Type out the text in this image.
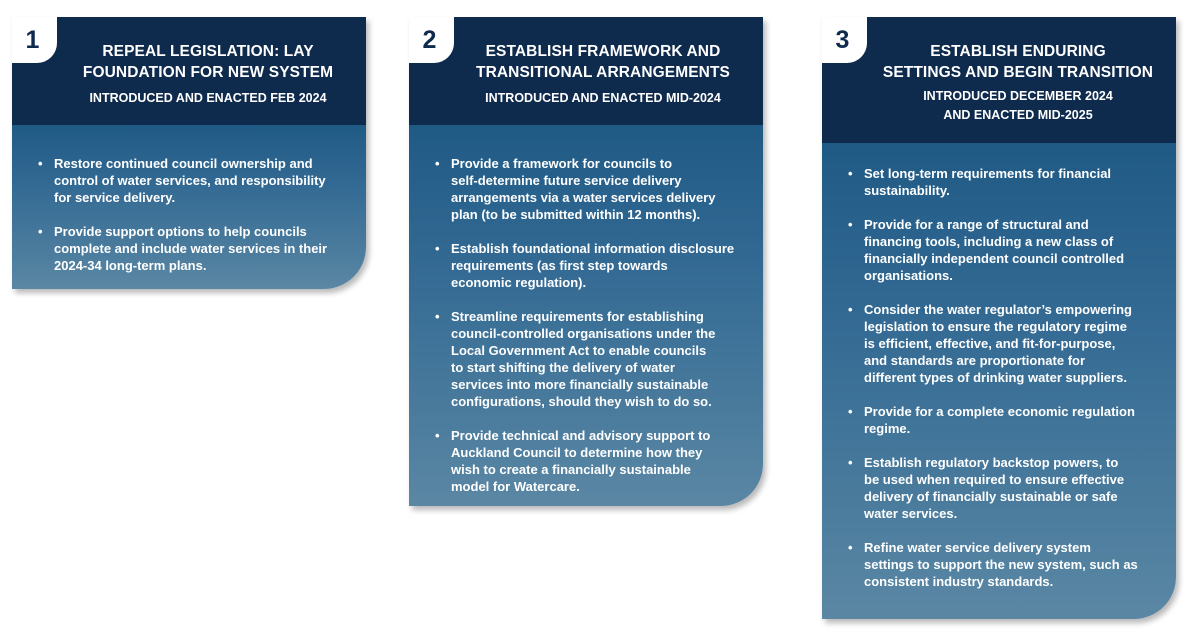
1	REPEAL LEGISLATION: LAY
FOUNDATION FOR NEW SYSTEM
INTRODUCED AND ENACTED FEB 2024
• Restore continued council ownership and
control of water services, and responsibility
for service delivery.
• Provide support options to help councils
complete and include water services in their
2024-34 long-term plans.
2	ESTABLISH FRAMEWORK AND
TRANSITIONAL ARRANGEMENTS
INTRODUCED AND ENACTED MID-2024
• Provide a framework for councils to
self-determine future service delivery
arrangements via a water services delivery
plan (to be submitted within 12 months).
• Establish foundational information disclosure
requirements (as first step towards
economic regulation).
• Streamline requirements for establishing
council-controlled organisations under the
Local Government Act to enable councils
to start shifting the delivery of water
services into more financially sustainable
configurations, should they wish to do so.
• Provide technical and advisory support to
Auckland Council to determine how they
wish to create a financially sustainable
model for Watercare.
3	ESTABLISH ENDURING
SETTINGS AND BEGIN TRANSITION
INTRODUCED DECEMBER 2024
AND ENACTED MID-2025
• Set long-term requirements for financial
sustainability.
• Provide for a range of structural and
financing tools, including a new class of
financially independent council controlled
organisations.
• Consider the water regulator’s empowering
legislation to ensure the regulatory regime
is efficient, effective, and fit-for-purpose,
and standards are proportionate for
different types of drinking water suppliers.
• Provide for a complete economic regulation
regime.
• Establish regulatory backstop powers, to
be used when required to ensure effective
delivery of financially sustainable or safe
water services.
• Refine water service delivery system
settings to support the new system, such as
consistent industry standards.
